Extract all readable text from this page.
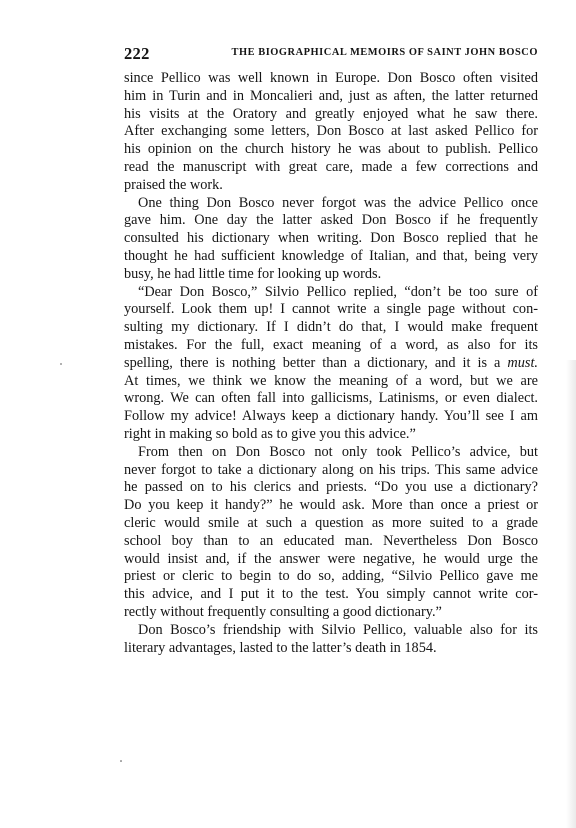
222	THE BIOGRAPHICAL MEMOIRS OF SAINT JOHN BOSCO

since Pellico was well known in Europe. Don Bosco often visited

him in Turin and in Moncalieri and, just as aften, the latter returned

his visits at the Oratory and greatly enjoyed what he saw there.

After exchanging some letters, Don Bosco at last asked Pellico for

his opinion on the church history he was about to publish. Pellico

read the manuscript with great care, made a few corrections and

praised the work.

One thing Don Bosco never forgot was the advice Pellico once

gave him. One day the latter asked Don Bosco if he frequently

consulted his dictionary when writing. Don Bosco replied that he

thought he had sufficient knowledge of Italian, and that, being very

busy, he had little time for looking up words.

“Dear Don Bosco,” Silvio Pellico replied, “don’t be too sure of

yourself. Look them up! I cannot write a single page without con-

sulting my dictionary. If I didn’t do that, I would make frequent

mistakes. For the full, exact meaning of a word, as also for its

spelling, there is nothing better than a dictionary, and it is a must.

At times, we think we know the meaning of a word, but we are

wrong. We can often fall into gallicisms, Latinisms, or even dialect.

Follow my advice! Always keep a dictionary handy. You’ll see I am

right in making so bold as to give you this advice.”

From then on Don Bosco not only took Pellico’s advice, but

never forgot to take a dictionary along on his trips. This same advice

he passed on to his clerics and priests. “Do you use a dictionary?

Do you keep it handy?” he would ask. More than once a priest or

cleric would smile at such a question as more suited to a grade

school boy than to an educated man. Nevertheless Don Bosco

would insist and, if the answer were negative, he would urge the

priest or cleric to begin to do so, adding, “Silvio Pellico gave me

this advice, and I put it to the test. You simply cannot write cor-

rectly without frequently consulting a good dictionary.”

Don Bosco’s friendship with Silvio Pellico, valuable also for its

literary advantages, lasted to the latter’s death in 1854.
